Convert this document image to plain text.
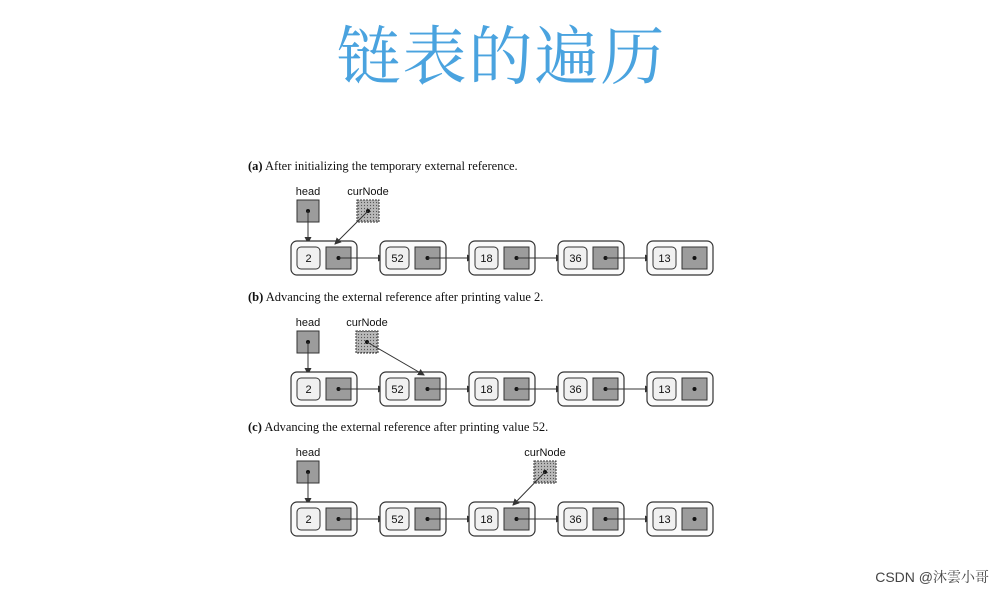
链表的遍历
(a) After initializing the temporary external reference.
(b) Advancing the external reference after printing value 2.
(c) Advancing the external reference after printing value 52.
head
2	52	18	36	13
curNode
head
2	52	18	36	13
curNode
head
2	52	18	36	13
curNode
CSDN @沐雲小哥
